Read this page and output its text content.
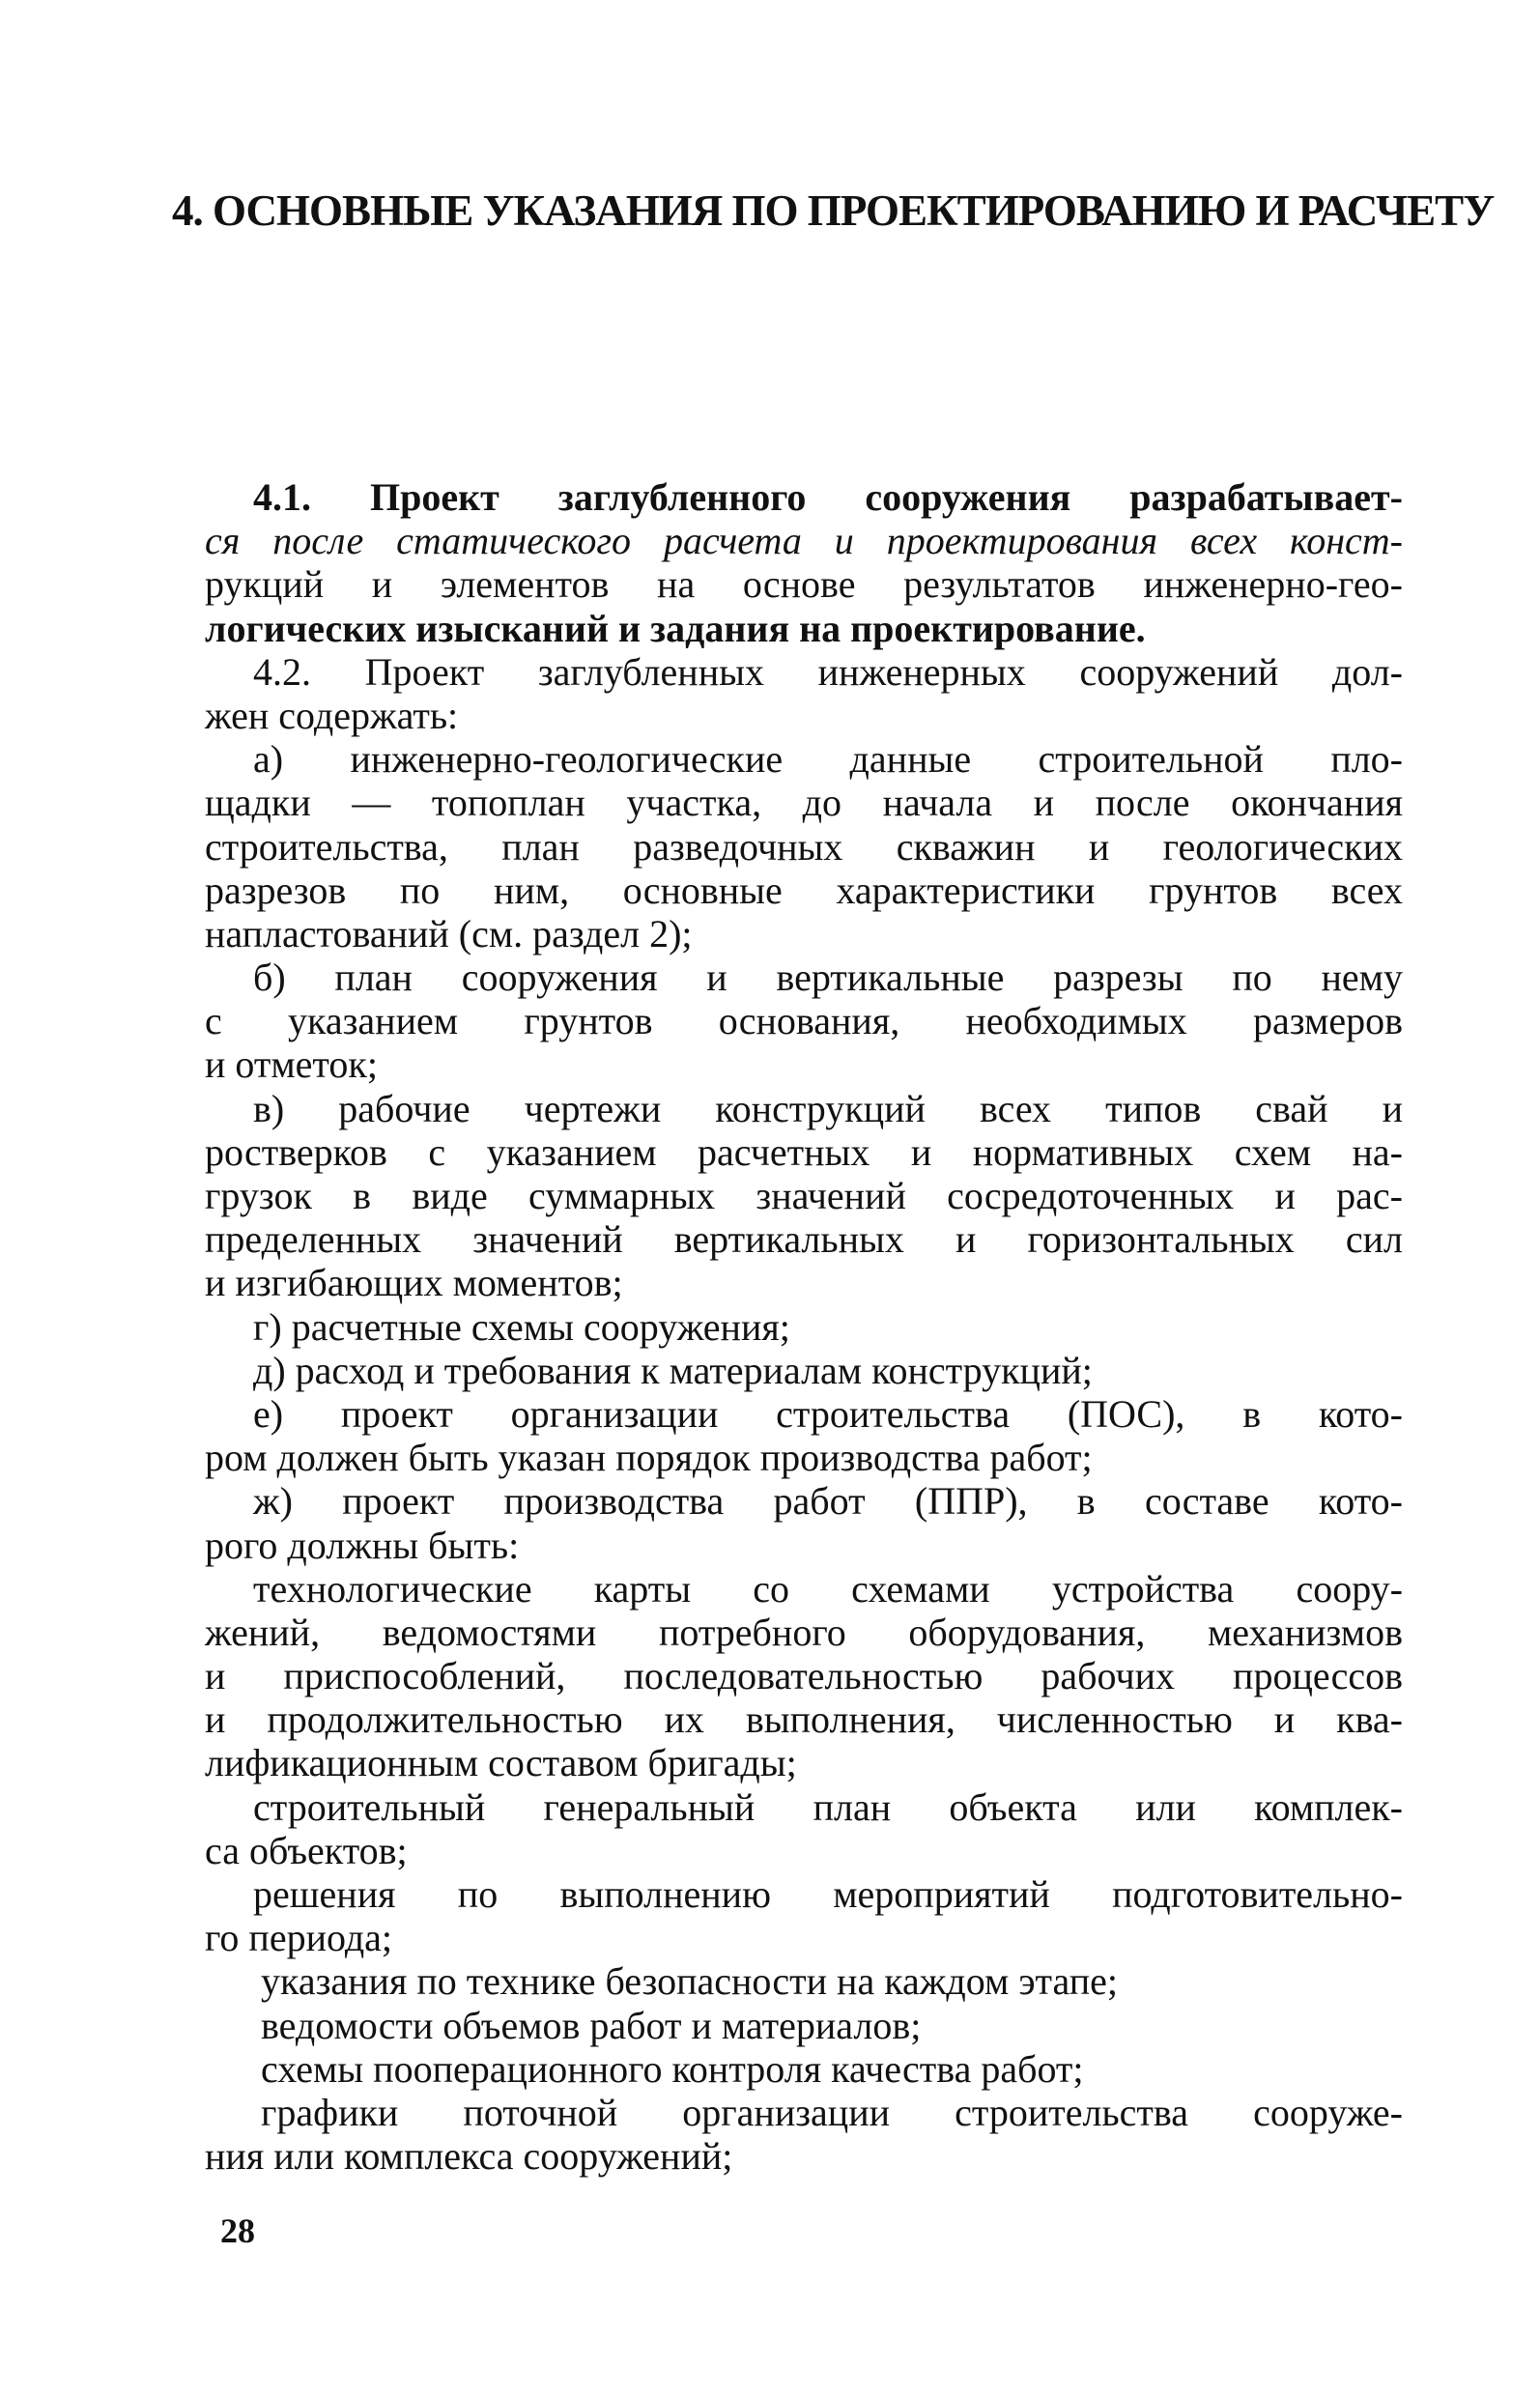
4. ОСНОВНЫЕ УКАЗАНИЯ ПО ПРОЕКТИРОВАНИЮ И РАСЧЕТУ
4.1. Проект заглубленного сооружения разрабатывает-
ся после статического расчета и проектирования всех конст-
рукций и элементов на основе результатов инженерно-гео-
логических изысканий и задания на проектирование.
4.2. Проект заглубленных инженерных сооружений дол-
жен содержать:
а) инженерно-геологические данные строительной пло-
щадки — топоплан участка, до начала и после окончания
строительства, план разведочных скважин и геологических
разрезов по ним, основные характеристики грунтов всех
напластований (см. раздел 2);
б) план сооружения и вертикальные разрезы по нему
с указанием грунтов основания, необходимых размеров
и отметок;
в) рабочие чертежи конструкций всех типов свай и
ростверков с указанием расчетных и нормативных схем на-
грузок в виде суммарных значений сосредоточенных и рас-
пределенных значений вертикальных и горизонтальных сил
и изгибающих моментов;
г) расчетные схемы сооружения;
д) расход и требования к материалам конструкций;
е) проект организации строительства (ПОС), в кото-
ром должен быть указан порядок производства работ;
ж) проект производства работ (ППР), в составе кото-
рого должны быть:
технологические карты со схемами устройства соору-
жений, ведомостями потребного оборудования, механизмов
и приспособлений, последовательностью рабочих процессов
и продолжительностью их выполнения, численностью и ква-
лификационным составом бригады;
строительный генеральный план объекта или комплек-
са объектов;
решения по выполнению мероприятий подготовительно-
го периода;
указания по технике безопасности на каждом этапе;
ведомости объемов работ и материалов;
схемы пооперационного контроля качества работ;
графики поточной организации строительства сооруже-
ния или комплекса сооружений;
28
